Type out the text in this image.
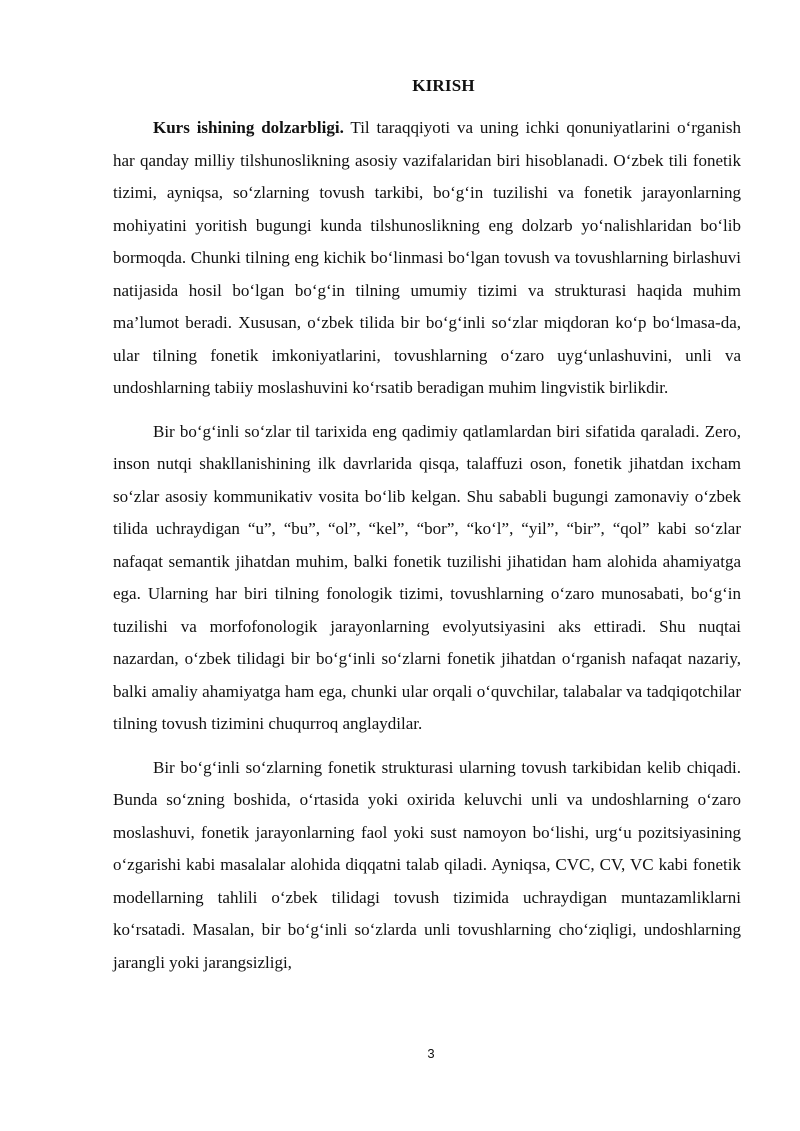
KIRISH

Kurs ishining dolzarbligi. Til taraqqiyoti va uning ichki qonuniyatlarini o‘rganish har qanday milliy tilshunoslikning asosiy vazifalaridan biri hisoblanadi. O‘zbek tili fonetik tizimi, ayniqsa, so‘zlarning tovush tarkibi, bo‘g‘in tuzilishi va fonetik jarayonlarning mohiyatini yoritish bugungi kunda tilshunoslikning eng dolzarb yo‘nalishlaridan bo‘lib bormoqda. Chunki tilning eng kichik bo‘linmasi bo‘lgan tovush va tovushlarning birlashuvi natijasida hosil bo‘lgan bo‘g‘in tilning umumiy tizimi va strukturasi haqida muhim ma’lumot beradi. Xususan, o‘zbek tilida bir bo‘g‘inli so‘zlar miqdoran ko‘p bo‘lmasa-da, ular tilning fonetik imkoniyatlarini, tovushlarning o‘zaro uyg‘unlashuvini, unli va undoshlarning tabiiy moslashuvini ko‘rsatib beradigan muhim lingvistik birlikdir.

Bir bo‘g‘inli so‘zlar til tarixida eng qadimiy qatlamlardan biri sifatida qaraladi. Zero, inson nutqi shakllanishining ilk davrlarida qisqa, talaffuzi oson, fonetik jihatdan ixcham so‘zlar asosiy kommunikativ vosita bo‘lib kelgan. Shu sababli bugungi zamonaviy o‘zbek tilida uchraydigan “u”, “bu”, “ol”, “kel”, “bor”, “ko‘l”, “yil”, “bir”, “qol” kabi so‘zlar nafaqat semantik jihatdan muhim, balki fonetik tuzilishi jihatidan ham alohida ahamiyatga ega. Ularning har biri tilning fonologik tizimi, tovushlarning o‘zaro munosabati, bo‘g‘in tuzilishi va morfofonologik jarayonlarning evolyutsiyasini aks ettiradi. Shu nuqtai nazardan, o‘zbek tilidagi bir bo‘g‘inli so‘zlarni fonetik jihatdan o‘rganish nafaqat nazariy, balki amaliy ahamiyatga ham ega, chunki ular orqali o‘quvchilar, talabalar va tadqiqotchilar tilning tovush tizimini chuqurroq anglaydilar.

Bir bo‘g‘inli so‘zlarning fonetik strukturasi ularning tovush tarkibidan kelib chiqadi. Bunda so‘zning boshida, o‘rtasida yoki oxirida keluvchi unli va undoshlarning o‘zaro moslashuvi, fonetik jarayonlarning faol yoki sust namoyon bo‘lishi, urg‘u pozitsiyasining o‘zgarishi kabi masalalar alohida diqqatni talab qiladi. Ayniqsa, CVC, CV, VC kabi fonetik modellarning tahlili o‘zbek tilidagi tovush tizimida uchraydigan muntazamliklarni ko‘rsatadi. Masalan, bir bo‘g‘inli so‘zlarda unli tovushlarning cho‘ziqligi, undoshlarning jarangli yoki jarangsizligi,

3
